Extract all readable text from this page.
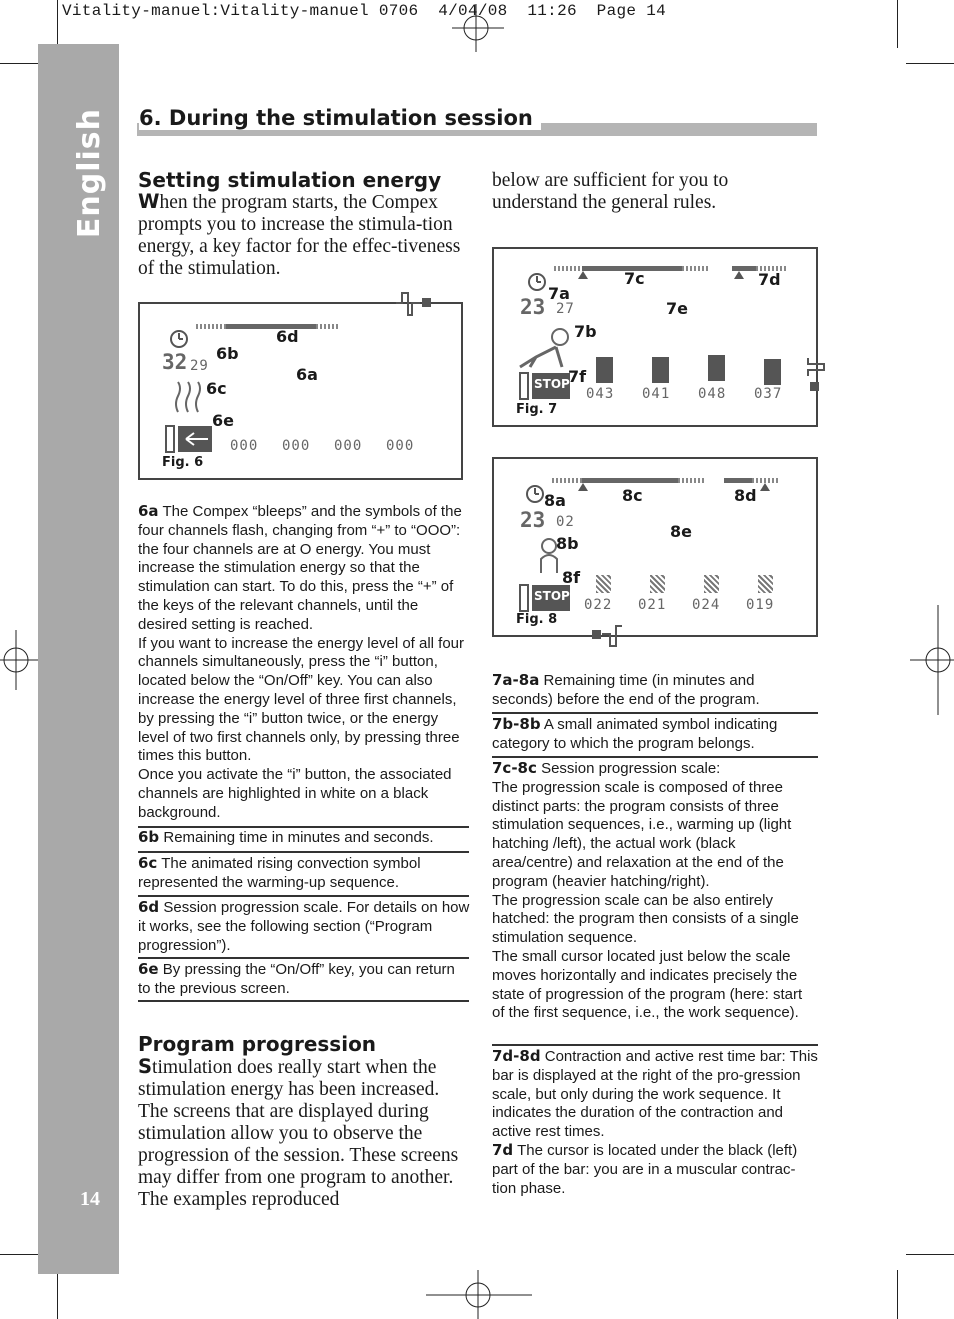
Vitality-manuel:Vitality-manuel 0706  4/04/08  11:26  Page 14
English
14
6. During the stimulation session
Setting stimulation energy
When the program starts, the Compex prompts you to increase the stimula-tion energy, a key factor for the effec-tiveness of the stimulation.
32 29
000 000 000 000
6d
6b
6a
6c
6e
Fig. 6
6a The Compex “bleeps” and the symbols of the four channels flash, changing from “+” to “OOO”: the four channels are at O energy. You must increase the stimulation energy so that the stimulation can start. To do this, press the “+” of the keys of the relevant channels, until the desired setting is reached.
If you want to increase the energy level of all four channels simultaneously, press the “i” button, located below the “On/Off” key. You can also increase the energy level of three first channels, by pressing the “i” button twice, or the energy level of two first channels only, by pressing three times this button.
Once you activate the “i” button, the associated channels are highlighted in white on a black background.
6b Remaining time in minutes and seconds.
6c The animated rising convection symbol represented the warming-up sequence.
6d Session progression scale. For details on how it works, see the following section (“Program progression”).
6e By pressing the “On/Off” key, you can return to the previous screen.
Program progression
Stimulation does really start when the stimulation energy has been increased. The screens that are displayed during stimulation allow you to observe the progression of the session. These screens may differ from one program to another. The examples reproduced
below are sufficient for you to understand the general rules.
23 27
STOP
043 041 048 037
7c	7d
7a
7e
7b
7f
Fig. 7
23 02
STOP
022 021 024 019
8a	8c	8d
8e
8b
8f
Fig. 8
7a-8a Remaining time (in minutes and seconds) before the end of the program.
7b-8b A small animated symbol indicating category to which the program belongs.
7c-8c Session progression scale:
The progression scale is composed of three distinct parts: the program consists of three stimulation sequences, i.e., warming up (light hatching /left), the actual work (black area/centre) and relaxation at the end of the program (heavier hatching/right).
The progression scale can be also entirely hatched: the program then consists of a single stimulation sequence.
The small cursor located just below the scale moves horizontally and indicates precisely the state of progression of the program (here: start of the first sequence, i.e., the work sequence).
7d-8d Contraction and active rest time bar: This bar is displayed at the right of the pro-gression scale, but only during the work sequence. It indicates the duration of the contraction and active rest times.
7d The cursor is located under the black (left) part of the bar: you are in a muscular contrac-tion phase.
